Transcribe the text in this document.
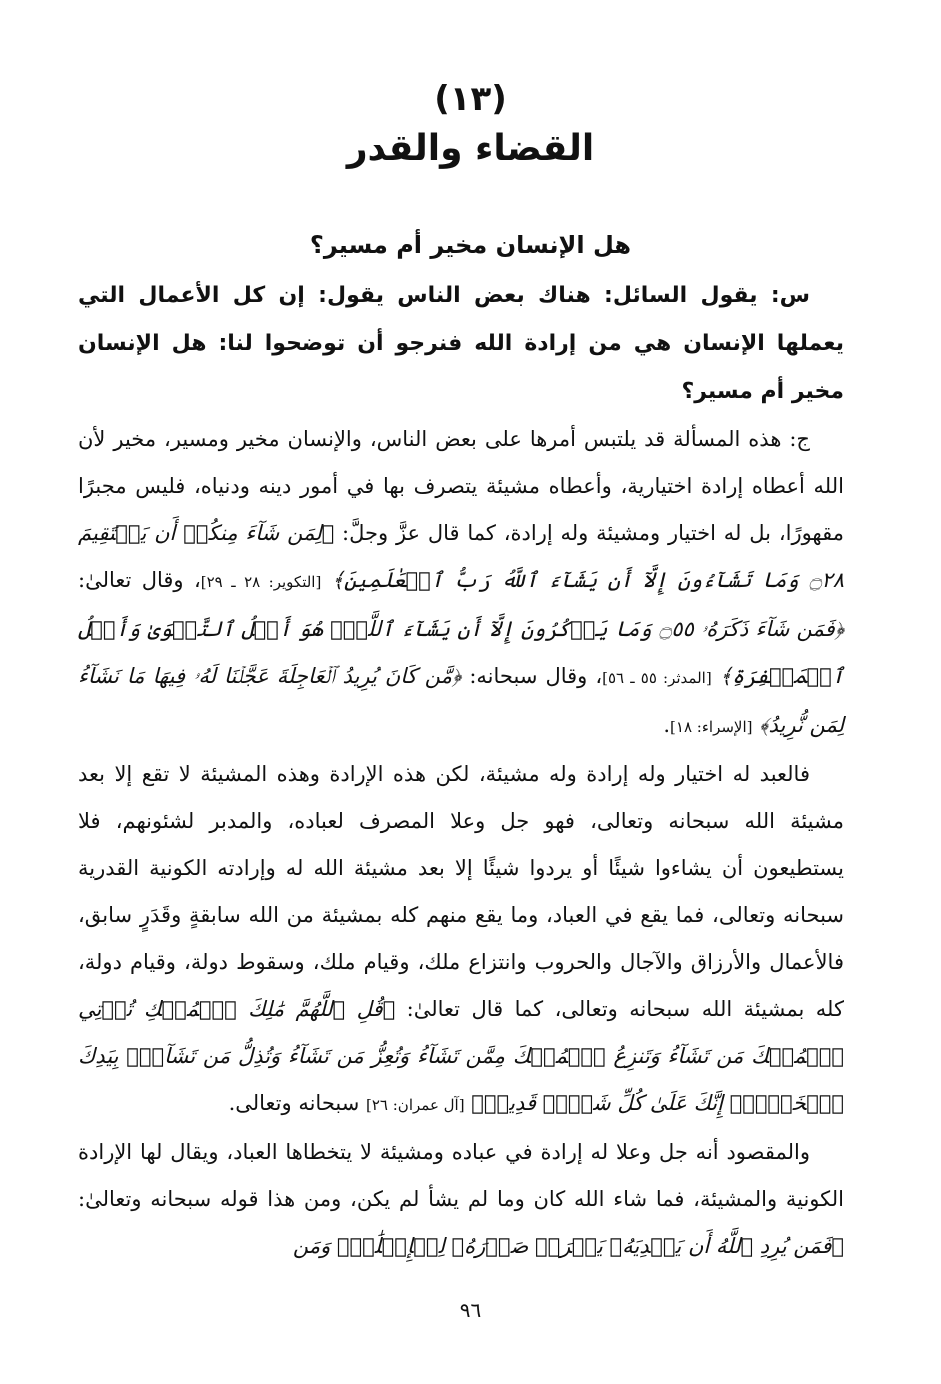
(١٣)
القضاء والقدر
هل الإنسان مخير أم مسير؟

س: يقول السائل: هناك بعض الناس يقول: إن كل الأعمال التي يعملها الإنسان هي من إرادة الله فنرجو أن توضحوا لنا: هل الإنسان مخير أم مسير؟

ج: هذه المسألة قد يلتبس أمرها على بعض الناس، والإنسان مخير ومسير، مخير لأن الله أعطاه إرادة اختيارية، وأعطاه مشيئة يتصرف بها في أمور دينه ودنياه، فليس مجبرًا مقهورًا، بل له اختيار ومشيئة وله إرادة، كما قال عزَّ وجلَّ: ﴿لِمَن شَآءَ مِنكُمۡ أَن يَسۡتَقِيمَ ۝٢٨ وَمَا تَشَآءُونَ إِلَّآ أَن يَشَآءَ ٱللَّهُ رَبُّ ٱلۡعَٰلَمِينَ﴾ [التكوير: ٢٨ ـ ٢٩]، وقال تعالىٰ: ﴿فَمَن شَآءَ ذَكَرَهُۥ ۝٥٥ وَمَا يَذۡكُرُونَ إِلَّآ أَن يَشَآءَ ٱللَّهُۚ هُوَ أَهۡلُ ٱلتَّقۡوَىٰ وَأَهۡلُ ٱلۡمَغۡفِرَةِ﴾ [المدثر: ٥٥ ـ ٥٦]، وقال سبحانه: ﴿مَّن كَانَ يُرِيدُ ٱلۡعَاجِلَةَ عَجَّلۡنَا لَهُۥ فِيهَا مَا نَشَآءُ لِمَن نُّرِيدُ﴾ [الإسراء: ١٨].

فالعبد له اختيار وله إرادة وله مشيئة، لكن هذه الإرادة وهذه المشيئة لا تقع إلا بعد مشيئة الله سبحانه وتعالى، فهو جل وعلا المصرف لعباده، والمدبر لشئونهم، فلا يستطيعون أن يشاءوا شيئًا أو يردوا شيئًا إلا بعد مشيئة الله له وإرادته الكونية القدرية سبحانه وتعالى، فما يقع في العباد، وما يقع منهم كله بمشيئة من الله سابقةٍ وقَدَرٍ سابق، فالأعمال والأرزاق والآجال والحروب وانتزاع ملك، وقيام ملك، وسقوط دولة، وقيام دولة، كله بمشيئة الله سبحانه وتعالى، كما قال تعالىٰ: ﴿قُلِ ٱللَّهُمَّ مَٰلِكَ ٱلۡمُلۡكِ تُؤۡتِي ٱلۡمُلۡكَ مَن تَشَآءُ وَتَنزِعُ ٱلۡمُلۡكَ مِمَّن تَشَآءُ وَتُعِزُّ مَن تَشَآءُ وَتُذِلُّ مَن تَشَآءُۖ بِيَدِكَ ٱلۡخَيۡرُۖ إِنَّكَ عَلَىٰ كُلِّ شَيۡءٖ قَدِيرٞ﴾ [آل عمران: ٢٦] سبحانه وتعالى.

والمقصود أنه جل وعلا له إرادة في عباده ومشيئة لا يتخطاها العباد، ويقال لها الإرادة الكونية والمشيئة، فما شاء الله كان وما لم يشأ لم يكن، ومن هذا قوله سبحانه وتعالىٰ: ﴿فَمَن يُرِدِ ٱللَّهُ أَن يَهۡدِيَهُۥ يَشۡرَحۡ صَدۡرَهُۥ لِلۡإِسۡلَٰمِۖ وَمَن

٩٦
